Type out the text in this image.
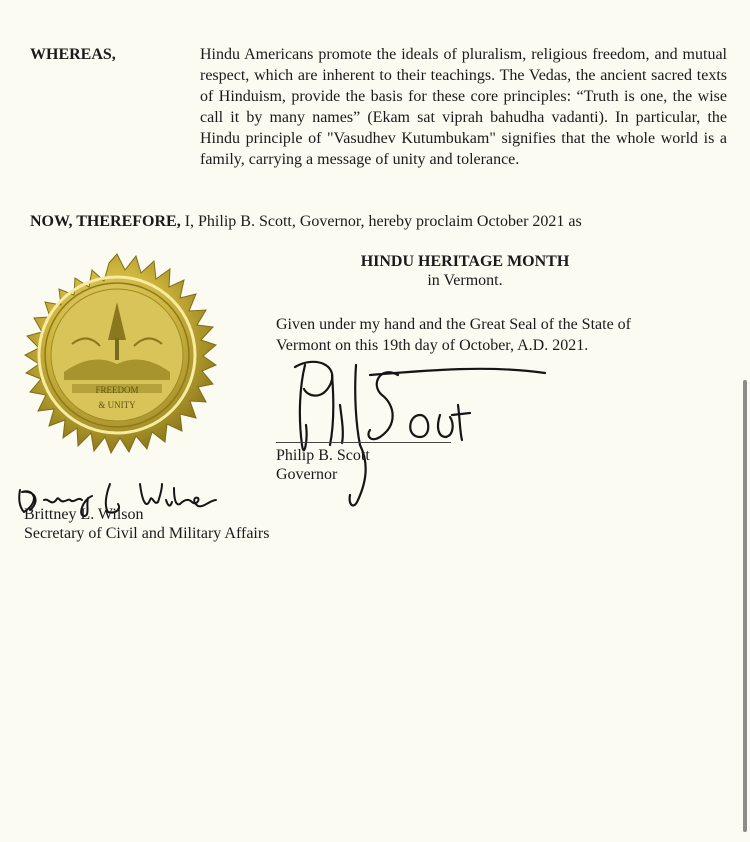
WHEREAS,	Hindu Americans promote the ideals of pluralism, religious freedom, and mutual respect, which are inherent to their teachings. The Vedas, the ancient sacred texts of Hinduism, provide the basis for these core principles: “Truth is one, the wise call it by many names” (Ekam sat viprah bahudha vadanti). In particular, the Hindu principle of "Vasudhev Kutumbukam" signifies that the whole world is a family, carrying a message of unity and tolerance.
NOW, THEREFORE, I, Philip B. Scott, Governor, hereby proclaim October 2021 as
HINDU HERITAGE MONTH
in Vermont.
Given under my hand and the Great Seal of the State of
Vermont on this 19th day of October, A.D. 2021.
FREEDOM
& UNITY
Philip B. Scott
Governor
Brittney L. Wilson
Secretary of Civil and Military Affairs
